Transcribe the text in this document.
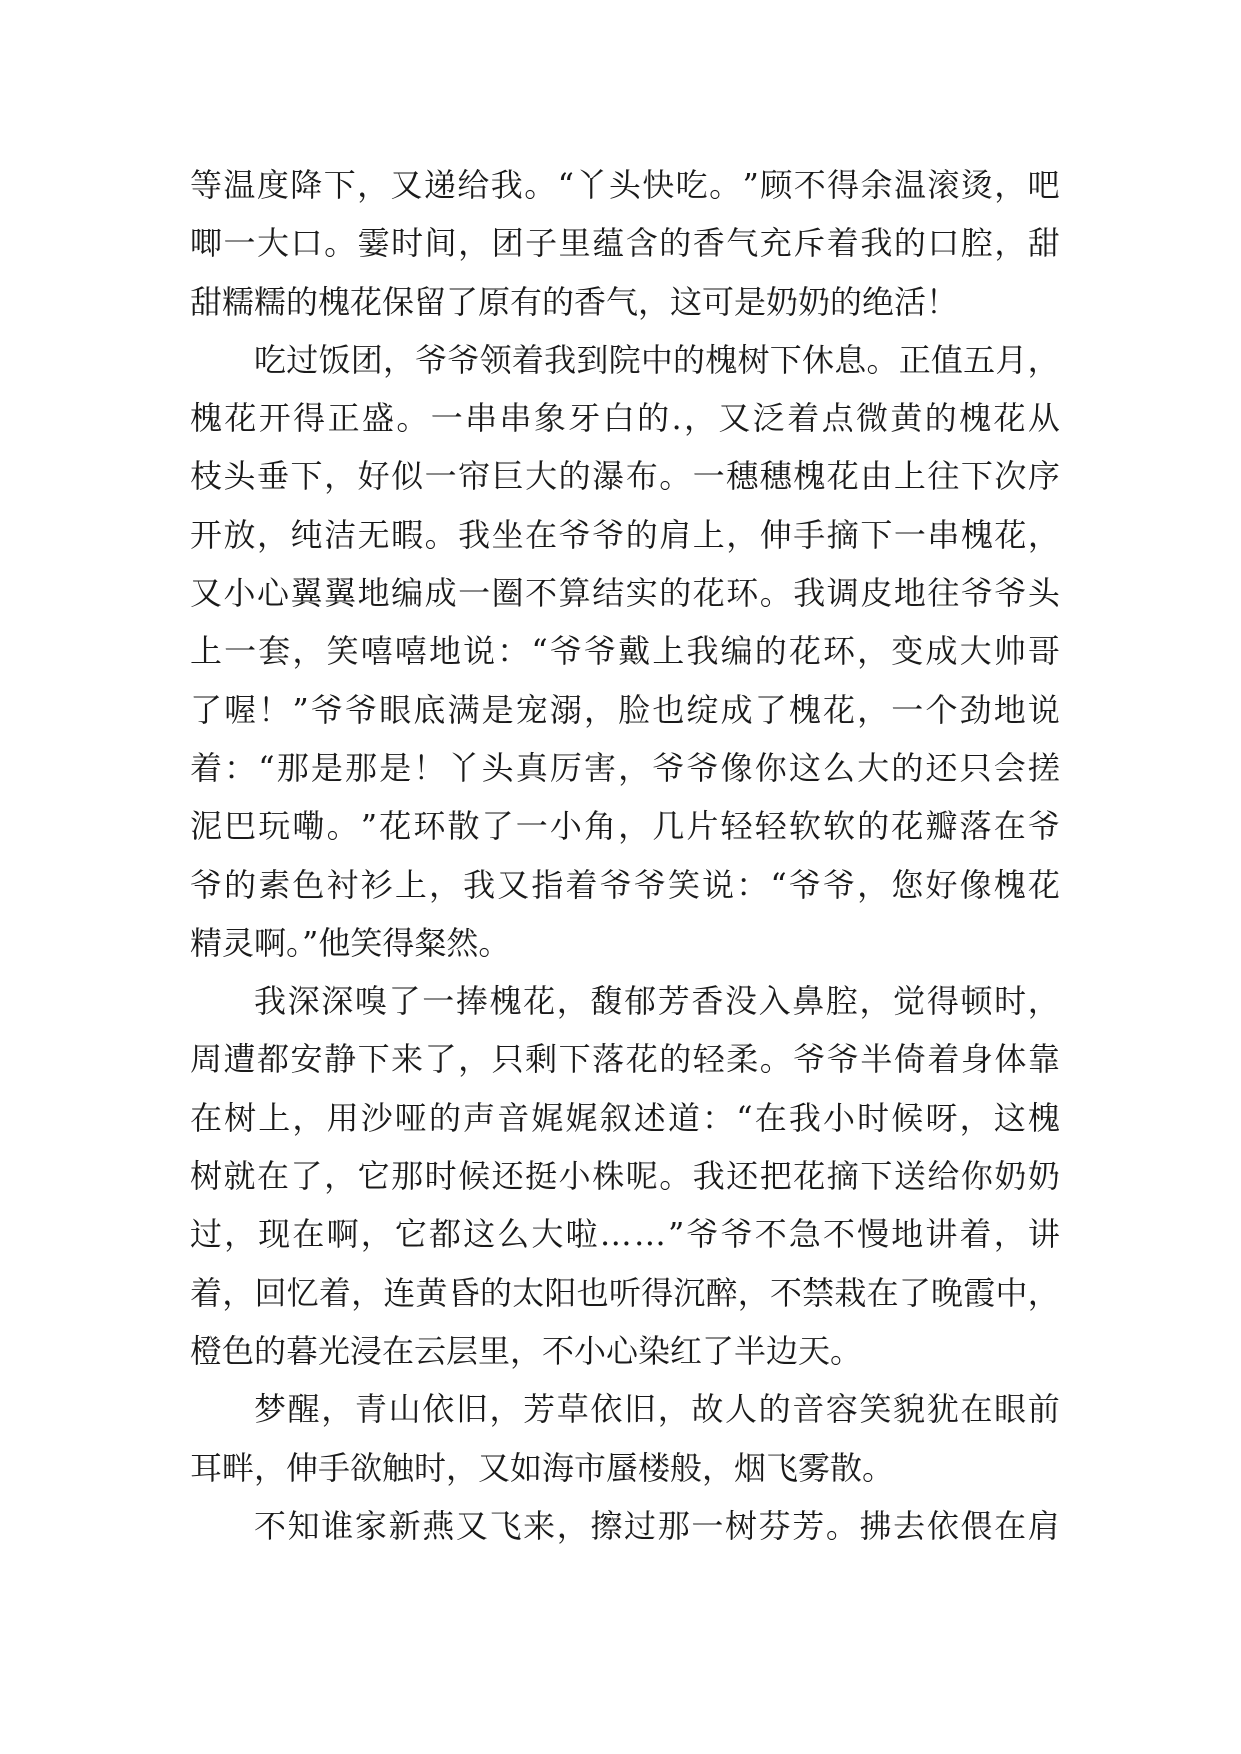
等 温 度 降 下 ， 又 递 给 我 。 “ 丫 头 快 吃 。 ” 顾 不 得 余 温 滚 烫 ， 吧
唧 一 大 口 。 霎 时 间 ， 团 子 里 蕴 含 的 香 气 充 斥 着 我 的 口 腔 ， 甜
甜糯糯的槐花保留了原有的香气，这可是奶奶的绝活！
吃 过 饭 团 ， 爷 爷 领 着 我 到 院 中 的 槐 树 下 休 息 。 正 值 五 月 ，
槐 花 开 得 正 盛 。 一 串 串 象 牙 白 的 . ， 又 泛 着 点 微 黄 的 槐 花 从
枝 头 垂 下 ， 好 似 一 帘 巨 大 的 瀑 布 。 一 穗 穗 槐 花 由 上 往 下 次 序
开 放 ， 纯 洁 无 暇 。 我 坐 在 爷 爷 的 肩 上 ， 伸 手 摘 下 一 串 槐 花 ，
又 小 心 翼 翼 地 编 成 一 圈 不 算 结 实 的 花 环 。 我 调 皮 地 往 爷 爷 头
上 一 套 ， 笑 嘻 嘻 地 说 ： “ 爷 爷 戴 上 我 编 的 花 环 ， 变 成 大 帅 哥
了 喔 ！ ” 爷 爷 眼 底 满 是 宠 溺 ， 脸 也 绽 成 了 槐 花 ， 一 个 劲 地 说
着 ： “ 那 是 那 是 ！ 丫 头 真 厉 害 ， 爷 爷 像 你 这 么 大 的 还 只 会 搓
泥 巴 玩 嘞 。 ” 花 环 散 了 一 小 角 ， 几 片 轻 轻 软 软 的 花 瓣 落 在 爷
爷 的 素 色 衬 衫 上 ， 我 又 指 着 爷 爷 笑 说 ： “ 爷 爷 ， 您 好 像 槐 花
精灵啊。”他笑得粲然。
我 深 深 嗅 了 一 捧 槐 花 ， 馥 郁 芳 香 没 入 鼻 腔 ， 觉 得 顿 时 ，
周 遭 都 安 静 下 来 了 ， 只 剩 下 落 花 的 轻 柔 。 爷 爷 半 倚 着 身 体 靠
在 树 上 ， 用 沙 哑 的 声 音 娓 娓 叙 述 道 ： “ 在 我 小 时 候 呀 ， 这 槐
树 就 在 了 ， 它 那 时 候 还 挺 小 株 呢 。 我 还 把 花 摘 下 送 给 你 奶 奶
过 ， 现 在 啊 ， 它 都 这 么 大 啦 … … ” 爷 爷 不 急 不 慢 地 讲 着 ， 讲
着 ， 回 忆 着 ， 连 黄 昏 的 太 阳 也 听 得 沉 醉 ， 不 禁 栽 在 了 晚 霞 中 ，
橙色的暮光浸在云层里，不小心染红了半边天。
梦 醒 ， 青 山 依 旧 ， 芳 草 依 旧 ， 故 人 的 音 容 笑 貌 犹 在 眼 前
耳畔，伸手欲触时，又如海市蜃楼般，烟飞雾散。
不 知 谁 家 新 燕 又 飞 来 ， 擦 过 那 一 树 芬 芳 。 拂 去 依 偎 在 肩
